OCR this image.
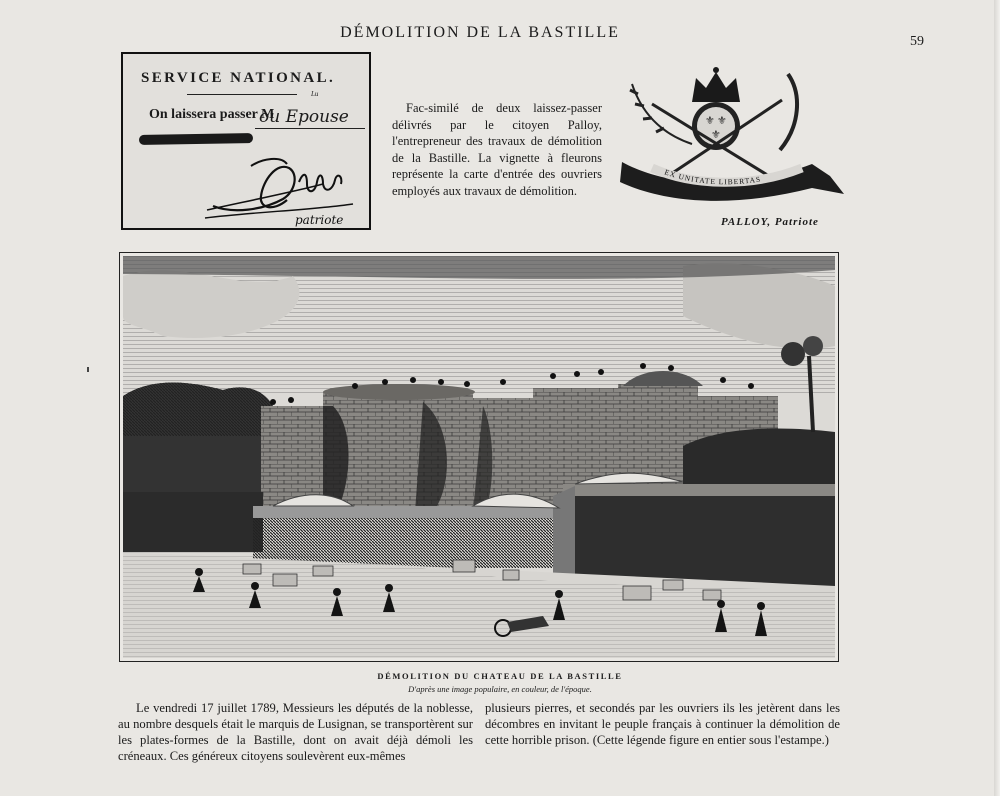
DÉMOLITION DE LA BASTILLE
59
SERVICE NATIONAL.
Lu
On laissera passer M
ou Epouse
patriote

Fac-similé de deux laissez-passer délivrés par le citoyen Palloy, l'entrepreneur des travaux de démolition de la Bastille. La vignette à fleurons représente la carte d'entrée des ouvriers employés aux travaux de démolition.

⚜ ⚜
⚜
EX UNITATE LIBERTAS
PALLOY, Patriote
DÉMOLITION DU CHATEAU DE LA BASTILLE
D'après une image populaire, en couleur, de l'époque.

Le vendredi 17 juillet 1789, Messieurs les députés de la noblesse, au nombre desquels était le marquis de Lusignan, se transportèrent sur les plates-formes de la Bastille, dont on avait déjà démoli les créneaux. Ces généreux citoyens soulevèrent eux-mêmes

plusieurs pierres, et secondés par les ouvriers ils les jetèrent dans les décombres en invitant le peuple français à continuer la démolition de cette horrible prison. (Cette légende figure en entier sous l'estampe.)
